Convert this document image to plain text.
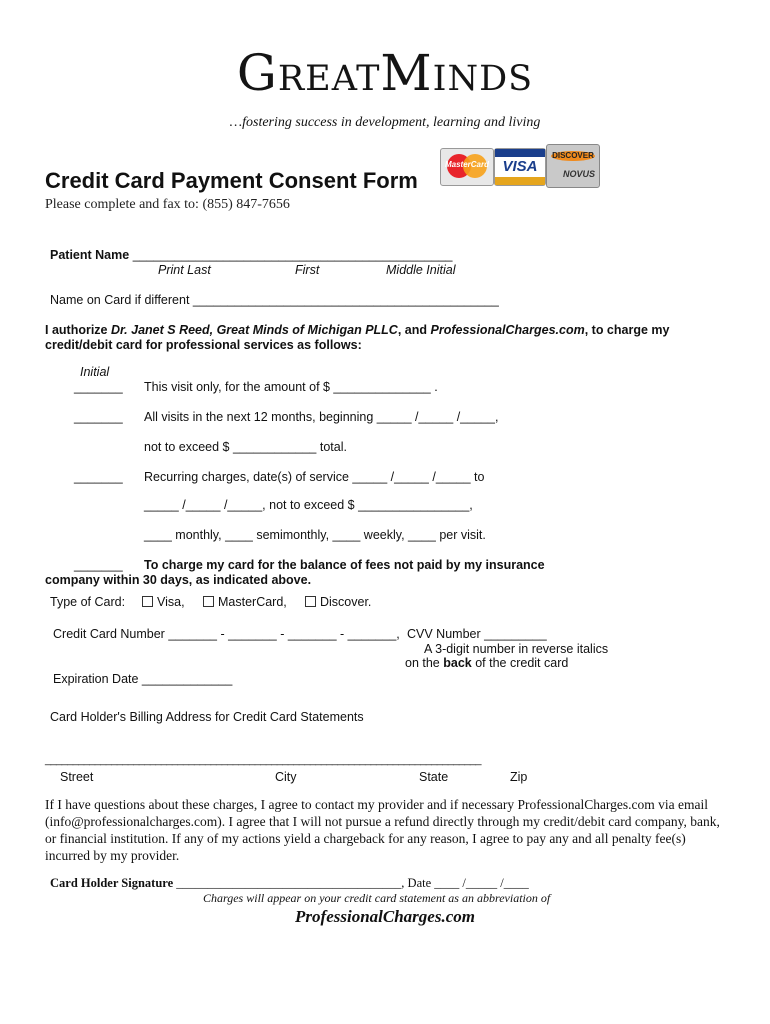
GreatMinds
…fostering success in development, learning and living
MasterCard VISA
DISCOVER
NOVUS
Credit Card Payment Consent Form
Please complete and fax to: (855) 847-7656
Patient Name ______________________________________________
Print Last	First	Middle Initial
Name on Card if different ____________________________________________
I authorize Dr. Janet S Reed, Great Minds of Michigan PLLC, and ProfessionalCharges.com, to charge my
credit/debit card for professional services as follows:
Initial
_______ This visit only, for the amount of $ ______________ .
_______ All visits in the next 12 months, beginning _____ /_____ /_____,
not to exceed $ ____________ total.
_______ Recurring charges, date(s) of service _____ /_____ /_____ to
_____ /_____ /_____, not to exceed $ ________________,
____ monthly, ____ semimonthly, ____ weekly, ____ per visit.
_______ To charge my card for the balance of fees not paid by my insurance
company within 30 days, as indicated above.
Type of Card:	Visa,	MasterCard,	Discover.
Credit Card Number _______ - _______ - _______ - _______, CVV Number _________
A 3-digit number in reverse italics
on the back of the credit card
Expiration Date _____________
Card Holder's Billing Address for Credit Card Statements
_______________________________________________________________________________
Street	City	State	Zip
If I have questions about these charges, I agree to contact my provider and if necessary ProfessionalCharges.com via email (info@professionalcharges.com). I agree that I will not pursue a refund directly through my credit/debit card company, bank, or financial institution. If any of my actions yield a chargeback for any reason, I agree to pay any and all penalty fee(s) incurred by my provider.
Card Holder Signature ____________________________________, Date ____ /_____ /____
Charges will appear on your credit card statement as an abbreviation of
ProfessionalCharges.com
